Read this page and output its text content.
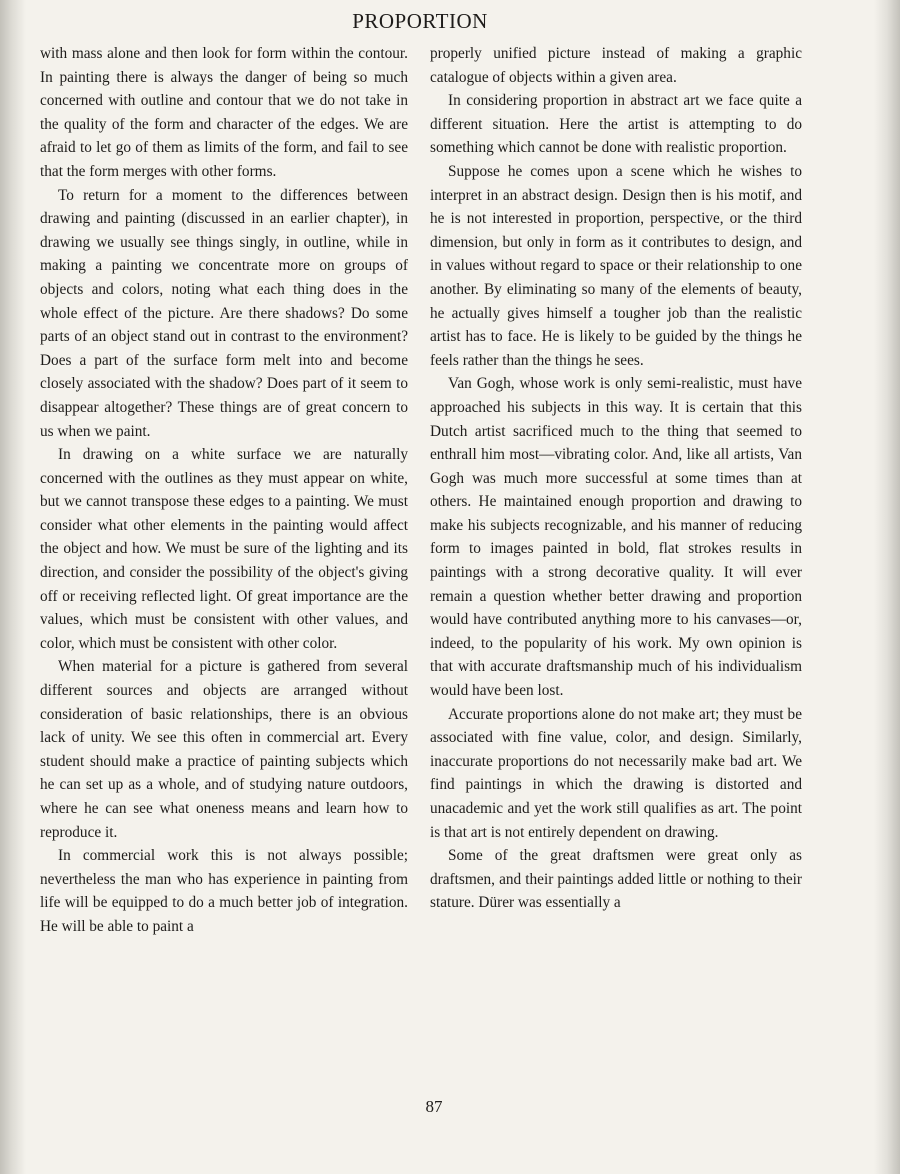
PROPORTION

with mass alone and then look for form within the contour. In painting there is always the danger of being so much concerned with outline and contour that we do not take in the quality of the form and character of the edges. We are afraid to let go of them as limits of the form, and fail to see that the form merges with other forms.

To return for a moment to the differences between drawing and painting (discussed in an earlier chapter), in drawing we usually see things singly, in outline, while in making a painting we concentrate more on groups of objects and colors, noting what each thing does in the whole effect of the picture. Are there shadows? Do some parts of an object stand out in contrast to the environment? Does a part of the surface form melt into and become closely associated with the shadow? Does part of it seem to disappear altogether? These things are of great concern to us when we paint.

In drawing on a white surface we are naturally concerned with the outlines as they must appear on white, but we cannot transpose these edges to a painting. We must consider what other elements in the painting would affect the object and how. We must be sure of the lighting and its direction, and consider the possibility of the object's giving off or receiving reflected light. Of great importance are the values, which must be consistent with other values, and color, which must be consistent with other color.

When material for a picture is gathered from several different sources and objects are arranged without consideration of basic relationships, there is an obvious lack of unity. We see this often in commercial art. Every student should make a practice of painting subjects which he can set up as a whole, and of studying nature outdoors, where he can see what oneness means and learn how to reproduce it.

In commercial work this is not always possible; nevertheless the man who has experience in painting from life will be equipped to do a much better job of integration. He will be able to paint a

properly unified picture instead of making a graphic catalogue of objects within a given area.

In considering proportion in abstract art we face quite a different situation. Here the artist is attempting to do something which cannot be done with realistic proportion.

Suppose he comes upon a scene which he wishes to interpret in an abstract design. Design then is his motif, and he is not interested in proportion, perspective, or the third dimension, but only in form as it contributes to design, and in values without regard to space or their relationship to one another. By eliminating so many of the elements of beauty, he actually gives himself a tougher job than the realistic artist has to face. He is likely to be guided by the things he feels rather than the things he sees.

Van Gogh, whose work is only semi-realistic, must have approached his subjects in this way. It is certain that this Dutch artist sacrificed much to the thing that seemed to enthrall him most—vibrating color. And, like all artists, Van Gogh was much more successful at some times than at others. He maintained enough proportion and drawing to make his subjects recognizable, and his manner of reducing form to images painted in bold, flat strokes results in paintings with a strong decorative quality. It will ever remain a question whether better drawing and proportion would have contributed anything more to his canvases—or, indeed, to the popularity of his work. My own opinion is that with accurate draftsmanship much of his individualism would have been lost.

Accurate proportions alone do not make art; they must be associated with fine value, color, and design. Similarly, inaccurate proportions do not necessarily make bad art. We find paintings in which the drawing is distorted and unacademic and yet the work still qualifies as art. The point is that art is not entirely dependent on drawing.

Some of the great draftsmen were great only as draftsmen, and their paintings added little or nothing to their stature. Dürer was essentially a

87
